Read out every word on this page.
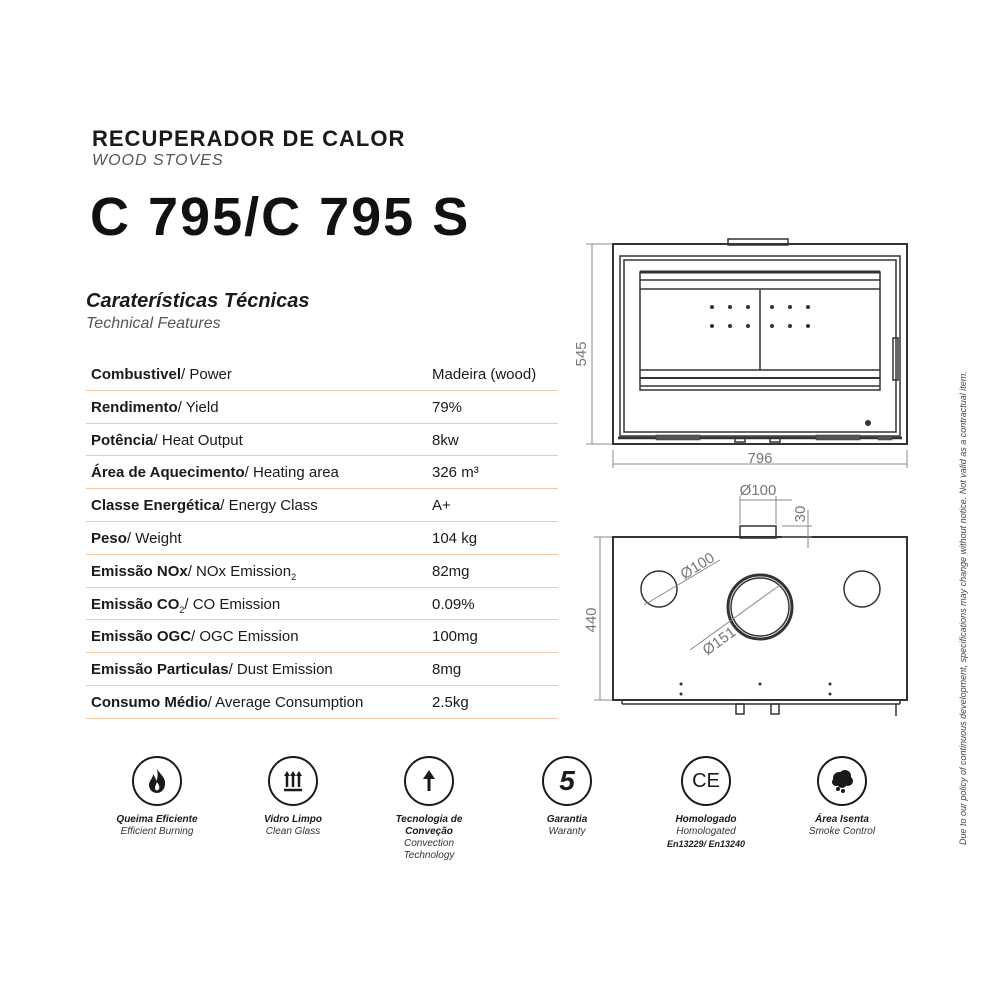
RECUPERADOR DE CALOR
WOOD STOVES
C 795/C 795 S
Caraterísticas Técnicas
Technical Features
Combustivel/ Power	Madeira (wood)
Rendimento/ Yield	79%
Potência/ Heat Output	8kw
Área de Aquecimento/ Heating area	326 m³
Classe Energética/ Energy Class	A+
Peso/ Weight	104 kg
Emissão NOx/ NOx Emission$_2$	82mg
Emissão $CO_2/$ CO Emission	0.09%
Emissão OGC/ OGC Emission	100mg
Emissão Particulas/ Dust Emission	8mg
Consumo Médio/ Average Consumption	2.5kg
545
796
Ø100
30
440
Ø100
Ø151
Queima Eficiente
Efficient Burning
Vidro Limpo
Clean Glass
Tecnologia de Conveção
Convection Technology
5
Garantia
Waranty
CE
Homologado
Homologated
En13229/ En13240
Área Isenta
Smoke Control	Due to our policy of continuous development, specifications may change without notice. Not valid as a contractual item.
